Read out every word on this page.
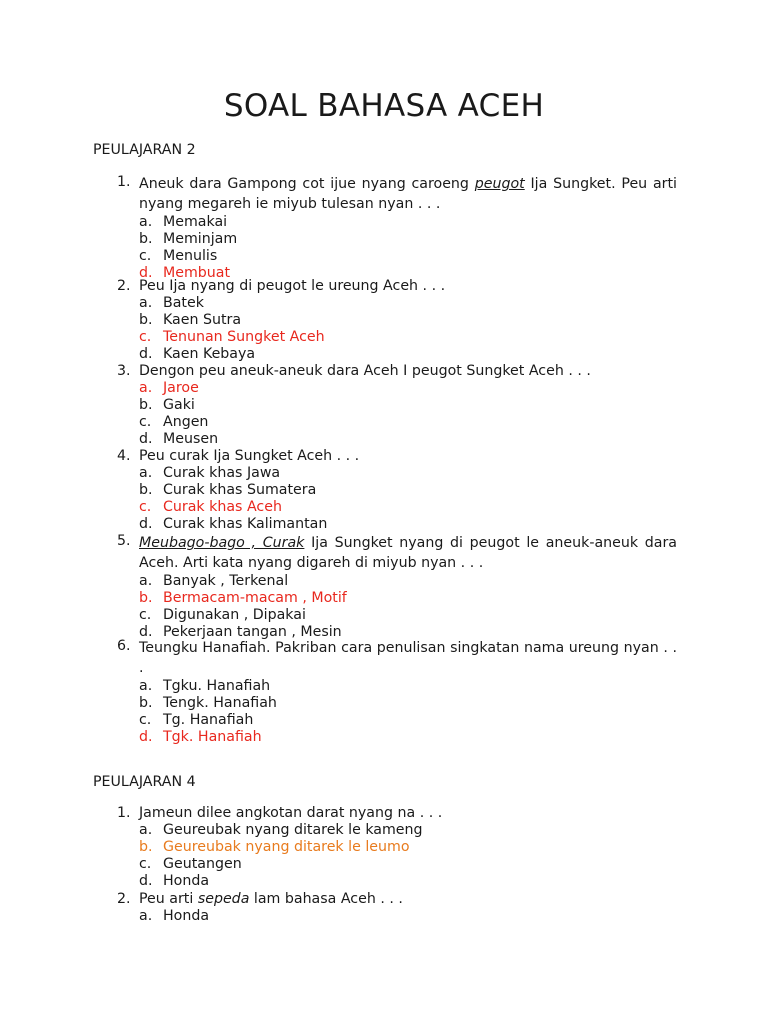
SOAL BAHASA ACEH

PEULAJARAN 2

1. Aneuk dara Gampong cot ijue nyang caroeng peugot Ija Sungket. Peu arti nyang megareh ie miyub tulesan nyan . . .
a. Memakai
b. Meminjam
c. Menulis
d. Membuat
2. Peu Ija nyang di peugot le ureung Aceh . . .
a. Batek
b. Kaen Sutra
c. Tenunan Sungket Aceh
d. Kaen Kebaya
3. Dengon peu aneuk-aneuk dara Aceh I peugot Sungket Aceh . . .
a. Jaroe
b. Gaki
c. Angen
d. Meusen
4. Peu curak Ija Sungket Aceh . . .
a. Curak khas Jawa
b. Curak khas Sumatera
c. Curak khas Aceh
d. Curak khas Kalimantan
5. Meubago-bago , Curak Ija Sungket nyang di peugot le aneuk-aneuk dara Aceh. Arti kata nyang digareh di miyub nyan . . .
a. Banyak , Terkenal
b. Bermacam-macam , Motif
c. Digunakan , Dipakai
d. Pekerjaan tangan , Mesin
6. Teungku Hanafiah. Pakriban cara penulisan singkatan nama ureung nyan . . .
a. Tgku. Hanafiah
b. Tengk. Hanafiah
c. Tg. Hanafiah
d. Tgk. Hanafiah

PEULAJARAN 4

1. Jameun dilee angkotan darat nyang na . . .
a. Geureubak nyang ditarek le kameng
b. Geureubak nyang ditarek le leumo
c. Geutangen
d. Honda
2. Peu arti sepeda lam bahasa Aceh . . .
a. Honda
